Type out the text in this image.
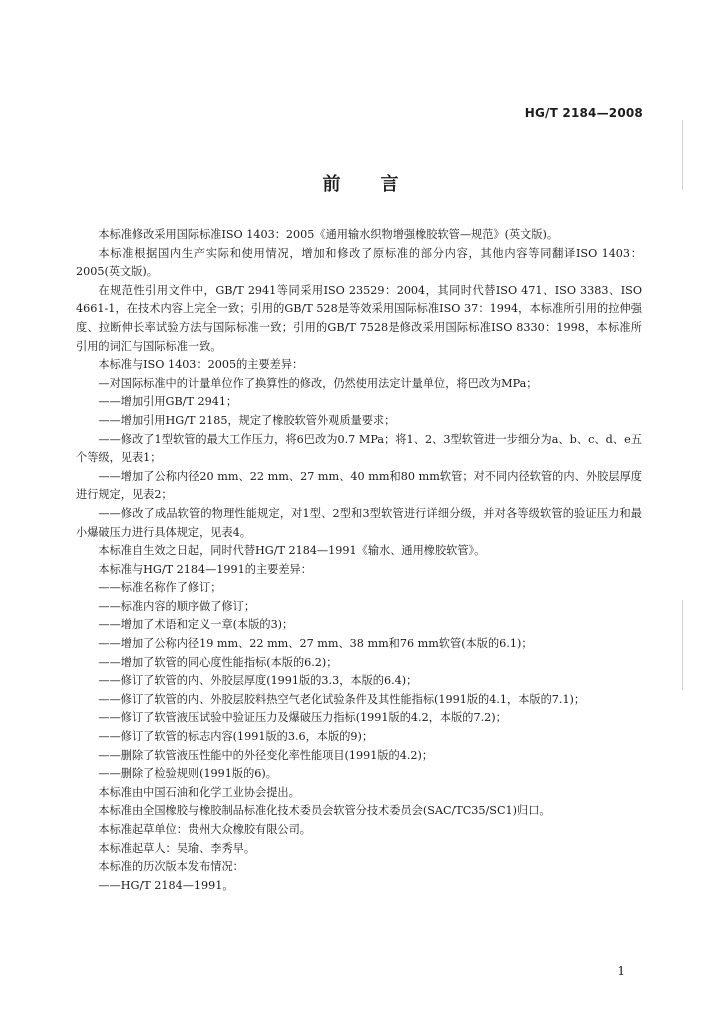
HG/T 2184—2008
前言

本标准修改采用国际标准ISO 1403：2005《通用输水织物增强橡胶软管—规范》(英文版)。

本标准根据国内生产实际和使用情况，增加和修改了原标准的部分内容，其他内容等同翻译ISO 1403：2005(英文版)。

在规范性引用文件中，GB/T 2941等同采用ISO 23529：2004，其同时代替ISO 471、ISO 3383、ISO 4661-1，在技术内容上完全一致；引用的GB/T 528是等效采用国际标准ISO 37：1994，本标准所引用的拉伸强度、拉断伸长率试验方法与国际标准一致；引用的GB/T 7528是修改采用国际标准ISO 8330：1998，本标准所引用的词汇与国际标准一致。

本标准与ISO 1403：2005的主要差异：

—对国际标准中的计量单位作了换算性的修改，仍然使用法定计量单位，将巴改为MPa；

——增加引用GB/T 2941；

——增加引用HG/T 2185，规定了橡胶软管外观质量要求；

——修改了1型软管的最大工作压力，将6巴改为0.7 MPa；将1、2、3型软管进一步细分为a、b、c、d、e五个等级，见表1；

——增加了公称内径20 mm、22 mm、27 mm、40 mm和80 mm软管；对不同内径软管的内、外胶层厚度进行规定，见表2；

——修改了成品软管的物理性能规定，对1型、2型和3型软管进行详细分级，并对各等级软管的验证压力和最小爆破压力进行具体规定，见表4。

本标准自生效之日起，同时代替HG/T 2184—1991《输水、通用橡胶软管》。

本标准与HG/T 2184—1991的主要差异：

——标准名称作了修订；

——标准内容的顺序做了修订；

——增加了术语和定义一章(本版的3)；

——增加了公称内径19 mm、22 mm、27 mm、38 mm和76 mm软管(本版的6.1)；

——增加了软管的同心度性能指标(本版的6.2)；

——修订了软管的内、外胶层厚度(1991版的3.3，本版的6.4)；

——修订了软管的内、外胶层胶料热空气老化试验条件及其性能指标(1991版的4.1，本版的7.1)；

——修订了软管液压试验中验证压力及爆破压力指标(1991版的4.2，本版的7.2)；

——修订了软管的标志内容(1991版的3.6，本版的9)；

——删除了软管液压性能中的外径变化率性能项目(1991版的4.2)；

——删除了检验规则(1991版的6)。

本标准由中国石油和化学工业协会提出。

本标准由全国橡胶与橡胶制品标准化技术委员会软管分技术委员会(SAC/TC35/SC1)归口。

本标准起草单位：贵州大众橡胶有限公司。

本标准起草人：吴瑜、李秀早。

本标准的历次版本发布情况：

——HG/T 2184—1991。

1
